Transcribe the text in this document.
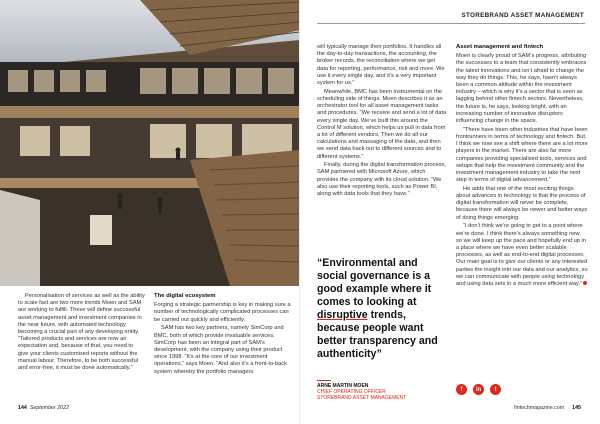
STOREBRAND ASSET MANAGEMENT

Personalisation of services as well as the ability to scale fast are two more trends Moen and SAM are working to fulfill. These will define successful asset management and investment companies in the near future, with automated technology becoming a crucial part of any developing entity. “Tailored products and services are now an expectation and, because of that, you need to give your clients customised reports without the manual labour. Therefore, to be both successful and error-free, it must be done automatically.”

The digital ecosystem

Forging a strategic partnership is key in making sure a number of technologically complicated processes can be carried out quickly and efficiently.

SAM has two key partners, namely SimCorp and BMC, both of which provide invaluable services. SimCorp has been an integral part of SAM’s development, with the company using their product since 1998. “It’s at the core of our investment operations,” says Moen. “And also it’s a front-to-back system whereby the portfolio managers

will typically manage their portfolios. It handles all the day-to-day transactions, the accounting, the broker records, the reconciliation where we get data for reporting, performance, risk and more. We use it every single day, and it’s a very important system for us.”

Meanwhile, BMC has been instrumental on the scheduling side of things. Moen describes it as an orchestrator tool for all asset management tasks and procedures. “We receive and send a lot of data every single day. We’ve built this around the Control M solution, which helps us pull in data from a lot of different vendors. Then we do all our calculations and massaging of the data, and then we send data back out to different sources and to different systems.”

Finally, during the digital transformation process, SAM partnered with Microsoft Azure, which provides the company with its cloud solution. “We also use their reporting tools, such as Power BI, along with data tools that they have.”

“Environmental and social governance is a good example where it comes to looking at disruptive trends, because people want better transparency and authenticity”
ARNE MARTIN MOEN
CHIEF OPERATING OFFICER
STOREBRAND ASSET MANAGEMENT
Asset management and fintech

Moen is clearly proud of SAM’s progress, attributing the successes to a team that consistently embraces the latest innovations and isn’t afraid to change the way they do things. This, he says, hasn’t always been a common attitude within the investment industry – which is why it’s a sector that is seen as lagging behind other fintech sectors. Nevertheless, the future is, he says, looking bright, with an increasing number of innovative disruptors influencing change in the space.

“There have been other industries that have been frontrunners in terms of technology and fintech. But, I think we now see a shift where there are a lot more players in the market. There are also far more companies providing specialised tools, services and setups that help the investment community and the investment management industry to take the next step in terms of digital advancement.”

He adds that one of the most exciting things about advances in technology is that the process of digital transformation will never be complete, because there will always be newer and better ways of doing things emerging.

“I don’t think we’re going to get to a point where we’re done. I think there’s always something new, so we will keep up the pace and hopefully end up in a place where we have even better scalable processes, as well as end-to-end digital processes. Our main goal is to give our clients or any interested parties the insight into our data and our analytics, so we can communicate with people using technology and using data sets in a much more efficient way.”

f	in	t
144 September 2022	fintechmagazine.com 145
